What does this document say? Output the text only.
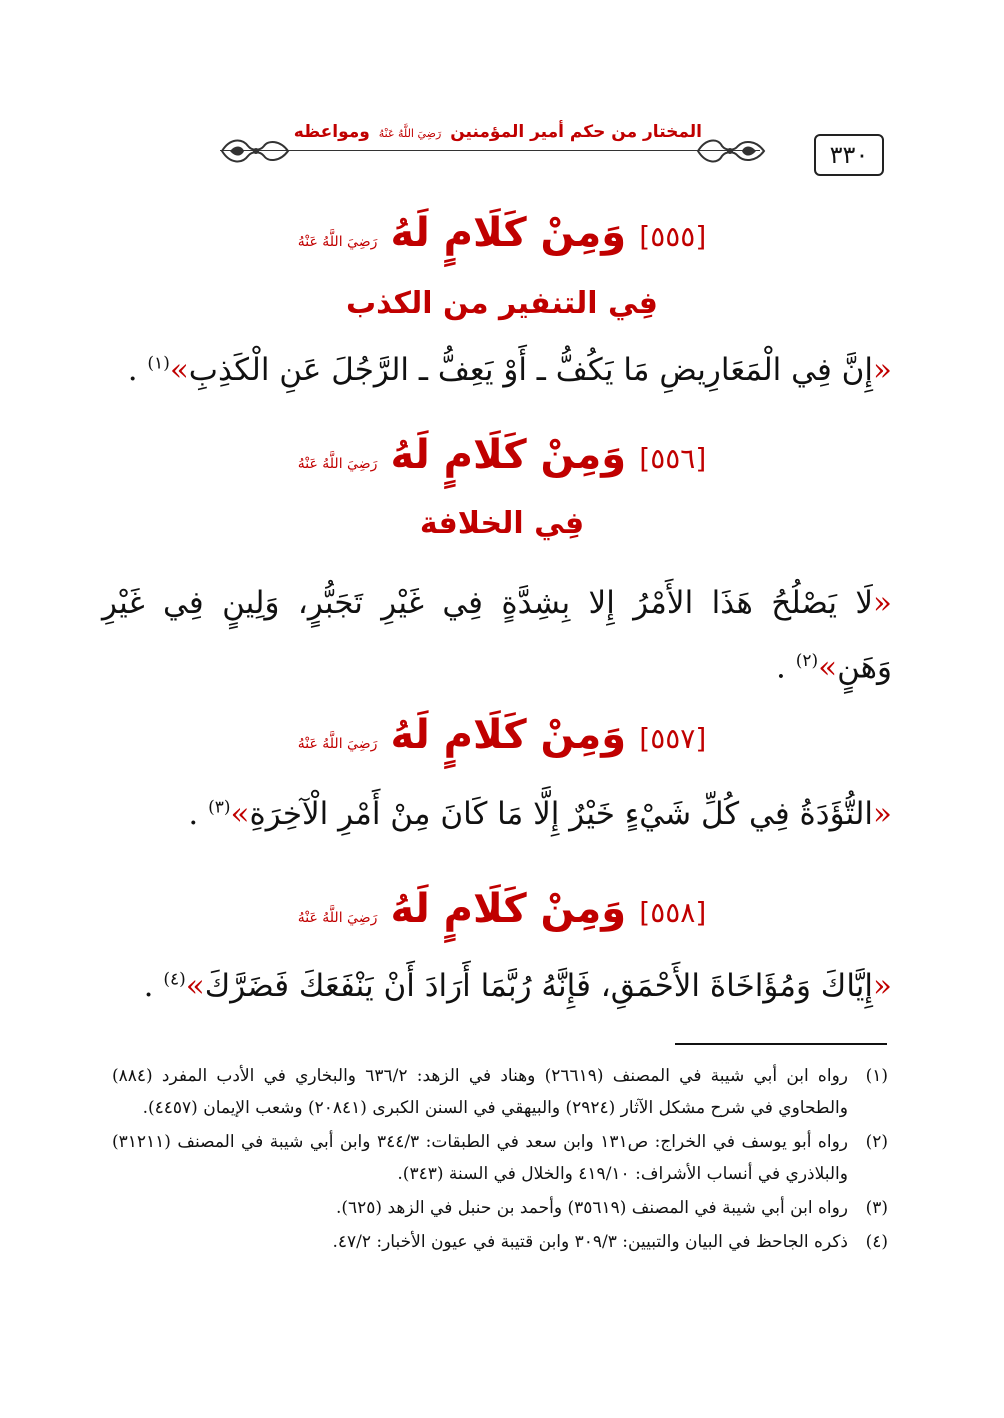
٣٣٠
المختار من حكم أمير المؤمنين رَضِيَ اللَّهُ عَنْهُ ومواعظه
[٥٥٥] وَمِنْ كَلَامٍ لَهُ رَضِيَ اللَّهُ عَنْهُ
فِي التنفير من الكذب
«إِنَّ فِي الْمَعَارِيضِ مَا يَكُفُّ ـ أَوْ يَعِفُّ ـ الرَّجُلَ عَنِ الْكَذِبِ»$^{(١)}$ .
[٥٥٦] وَمِنْ كَلَامٍ لَهُ رَضِيَ اللَّهُ عَنْهُ
فِي الخلافة
«لَا يَصْلُحُ هَذَا الأَمْرُ إِلا بِشِدَّةٍ فِي غَيْرِ تَجَبُّرٍ، وَلِينٍ فِي غَيْرِ وَهَنٍ»$^{(٢)}$ .
[٥٥٧] وَمِنْ كَلَامٍ لَهُ رَضِيَ اللَّهُ عَنْهُ
«التُّؤَدَةُ فِي كُلِّ شَيْءٍ خَيْرٌ إِلَّا مَا كَانَ مِنْ أَمْرِ الْآخِرَةِ»$^{(٣)}$ .
[٥٥٨] وَمِنْ كَلَامٍ لَهُ رَضِيَ اللَّهُ عَنْهُ
«إِيَّاكَ وَمُؤَاخَاةَ الأَحْمَقِ، فَإِنَّهُ رُبَّمَا أَرَادَ أَنْ يَنْفَعَكَ فَضَرَّكَ»$^{(٤)}$ .
(١)
رواه ابن أبي شيبة في المصنف (٢٦٦١٩) وهناد في الزهد: ٦٣٦/٢ والبخاري في الأدب المفرد (٨٨٤) والطحاوي في شرح مشكل الآثار (٢٩٢٤) والبيهقي في السنن الكبرى (٢٠٨٤١) وشعب الإيمان (٤٤٥٧).
(٢)
رواه أبو يوسف في الخراج: ص١٣١ وابن سعد في الطبقات: ٣٤٤/٣ وابن أبي شيبة في المصنف (٣١٢١١) والبلاذري في أنساب الأشراف: ٤١٩/١٠ والخلال في السنة (٣٤٣).
(٣)
رواه ابن أبي شيبة في المصنف (٣٥٦١٩) وأحمد بن حنبل في الزهد (٦٢٥).
(٤)
ذكره الجاحظ في البيان والتبيين: ٣٠٩/٣ وابن قتيبة في عيون الأخبار: ٤٧/٢.
